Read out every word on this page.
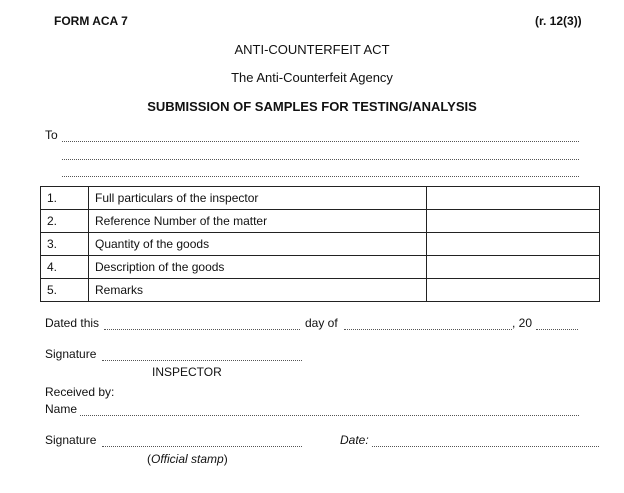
FORM ACA 7	(r. 12(3))
ANTI-COUNTERFEIT ACT
The Anti-Counterfeit Agency
SUBMISSION OF SAMPLES FOR TESTING/ANALYSIS
To
1.	Full particulars of the inspector	
2.	Reference Number of the matter	
3.	Quantity of the goods	
4.	Description of the goods	
5.	Remarks	
Dated this	day of	, 20
Signature
INSPECTOR
Received by:
Name
Signature	Date:
(Official stamp)
